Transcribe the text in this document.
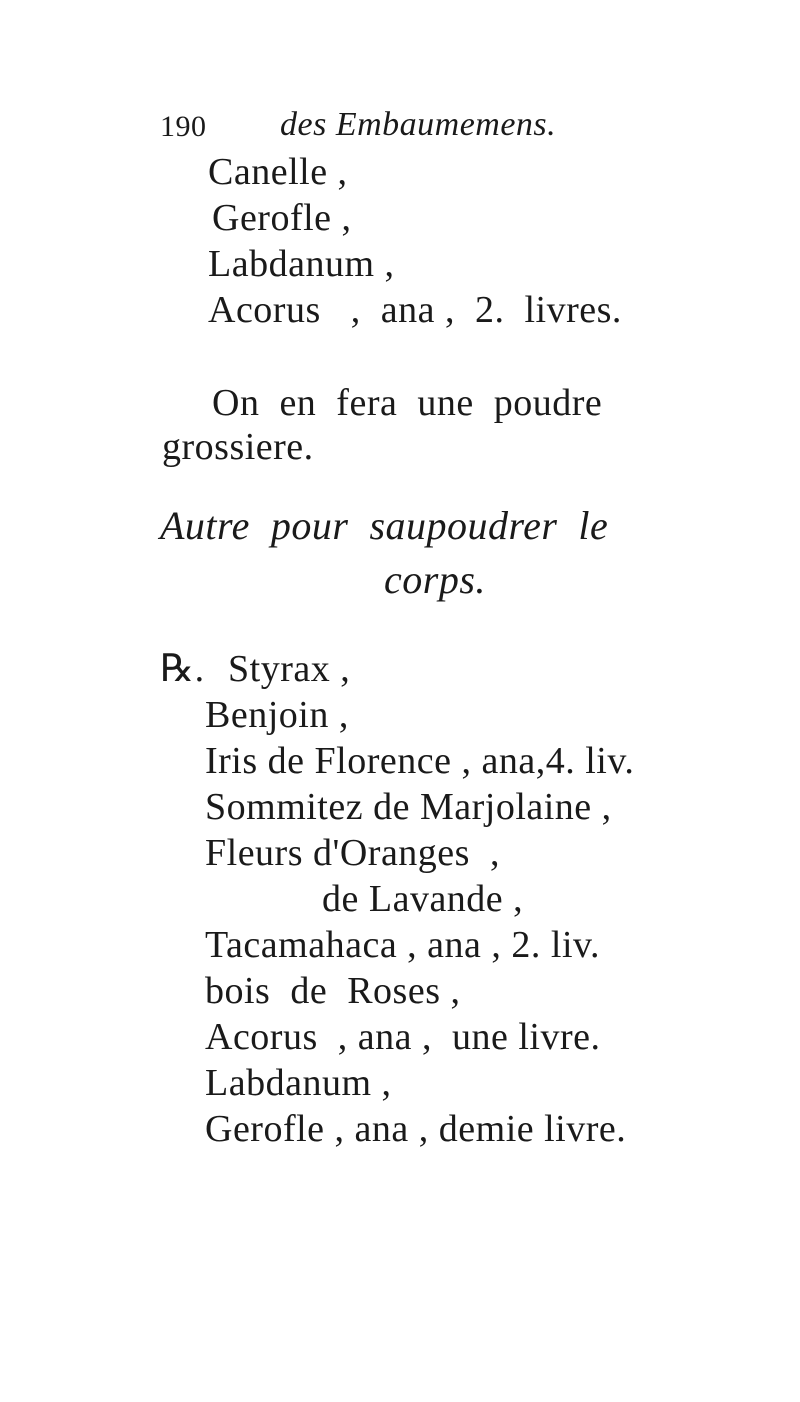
190 des Embaumemens.
Canelle ,
Gerofle ,
Labdanum ,
Acorus   ,  ana ,  2.  livres.
On  en  fera  une  poudre
grossiere.
Autre  pour  saupoudrer  le
corps.
℞. Styrax ,
Benjoin ,
Iris de Florence , ana,4. liv.
Sommitez de Marjolaine ,
Fleurs d'Oranges  ,
de Lavande ,
Tacamahaca , ana , 2. liv.
bois  de  Roses ,
Acorus  , ana ,  une livre.
Labdanum ,
Gerofle , ana , demie livre.
